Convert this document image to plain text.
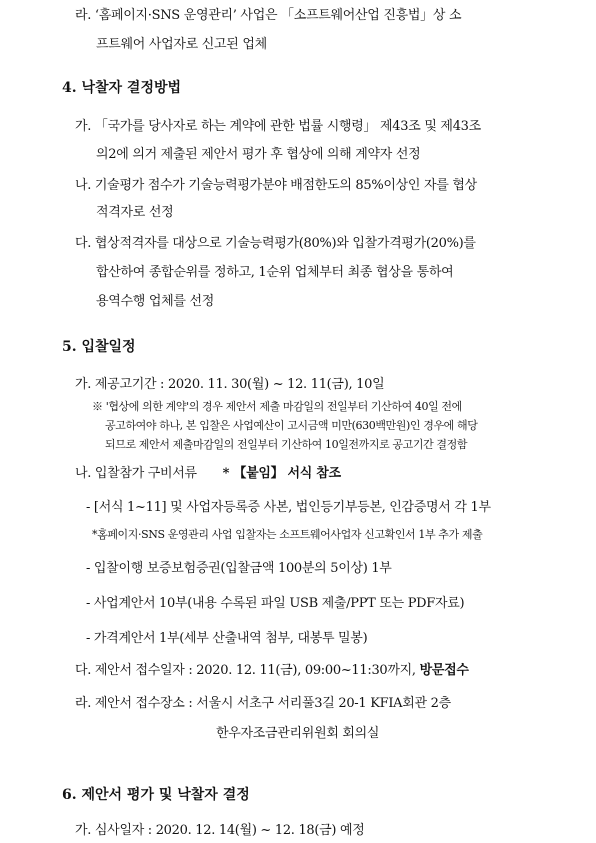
라. ‘홈페이지·SNS 운영관리’ 사업은 「소프트웨어산업 진흥법」상 소
프트웨어 사업자로 신고된 업체
4. 낙찰자 결정방법
가. 「국가를 당사자로 하는 계약에 관한 법률 시행령」 제43조 및 제43조
의2에 의거 제출된 제안서 평가 후 협상에 의해 계약자 선정
나. 기술평가 점수가 기술능력평가분야 배점한도의 85%이상인 자를 협상
적격자로 선정
다. 협상적격자를 대상으로 기술능력평가(80%)와 입찰가격평가(20%)를
합산하여 종합순위를 정하고, 1순위 업체부터 최종 협상을 통하여
용역수행 업체를 선정
5. 입찰일정
가. 제공고기간 : 2020. 11. 30(월) ~ 12. 11(금), 10일
※ '협상에 의한 계약'의 경우 제안서 제출 마감일의 전일부터 기산하여 40일 전에
공고하여야 하나, 본 입찰은 사업예산이 고시금액 미만(630백만원)인 경우에 해당
되므로 제안서 제출마감일의 전일부터 기산하여 10일전까지로 공고기간 결정함
나. 입찰참가 구비서류 * 【붙임】 서식 참조
- [서식 1~11] 및 사업자등록증 사본, 법인등기부등본, 인감증명서 각 1부
*홈페이지·SNS 운영관리 사업 입찰자는 소프트웨어사업자 신고확인서 1부 추가 제출
- 입찰이행 보증보험증권(입찰금액 100분의 5이상) 1부
- 사업계안서 10부(내용 수록된 파일 USB 제출/PPT 또는 PDF자료)
- 가격계안서 1부(세부 산출내역 첨부, 대봉투 밀봉)
다. 제안서 접수일자 : 2020. 12. 11(금), 09:00~11:30까지, 방문접수
라. 제안서 접수장소 : 서울시 서초구 서리풀3길 20-1 KFIA회관 2층
한우자조금관리위원회 회의실
6. 제안서 평가 및 낙찰자 결정
가. 심사일자 : 2020. 12. 14(월) ~ 12. 18(금) 예정
